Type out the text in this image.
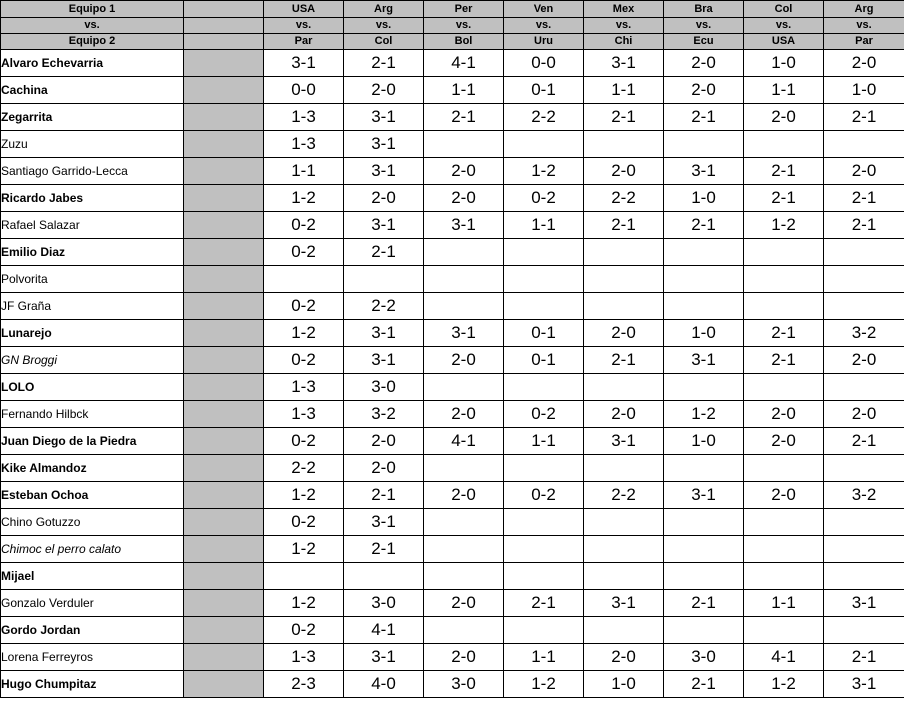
Equipo 1		USA	Arg	Per	Ven	Mex	Bra	Col	Arg
vs.		vs.	vs.	vs.	vs.	vs.	vs.	vs.	vs.
Equipo 2		Par	Col	Bol	Uru	Chi	Ecu	USA	Par
Alvaro Echevarria		3-1	2-1	4-1	0-0	3-1	2-0	1-0	2-0
Cachina		0-0	2-0	1-1	0-1	1-1	2-0	1-1	1-0
Zegarrita		1-3	3-1	2-1	2-2	2-1	2-1	2-0	2-1
Zuzu		1-3	3-1						
Santiago Garrido-Lecca		1-1	3-1	2-0	1-2	2-0	3-1	2-1	2-0
Ricardo Jabes		1-2	2-0	2-0	0-2	2-2	1-0	2-1	2-1
Rafael Salazar		0-2	3-1	3-1	1-1	2-1	2-1	1-2	2-1
Emilio Diaz		0-2	2-1						
Polvorita									
JF Graña		0-2	2-2						
Lunarejo		1-2	3-1	3-1	0-1	2-0	1-0	2-1	3-2
GN Broggi		0-2	3-1	2-0	0-1	2-1	3-1	2-1	2-0
LOLO		1-3	3-0						
Fernando Hilbck		1-3	3-2	2-0	0-2	2-0	1-2	2-0	2-0
Juan Diego de la Piedra		0-2	2-0	4-1	1-1	3-1	1-0	2-0	2-1
Kike Almandoz		2-2	2-0						
Esteban Ochoa		1-2	2-1	2-0	0-2	2-2	3-1	2-0	3-2
Chino Gotuzzo		0-2	3-1						
Chimoc el perro calato		1-2	2-1						
Mijael									
Gonzalo Verduler		1-2	3-0	2-0	2-1	3-1	2-1	1-1	3-1
Gordo Jordan		0-2	4-1						
Lorena Ferreyros		1-3	3-1	2-0	1-1	2-0	3-0	4-1	2-1
Hugo Chumpitaz		2-3	4-0	3-0	1-2	1-0	2-1	1-2	3-1
